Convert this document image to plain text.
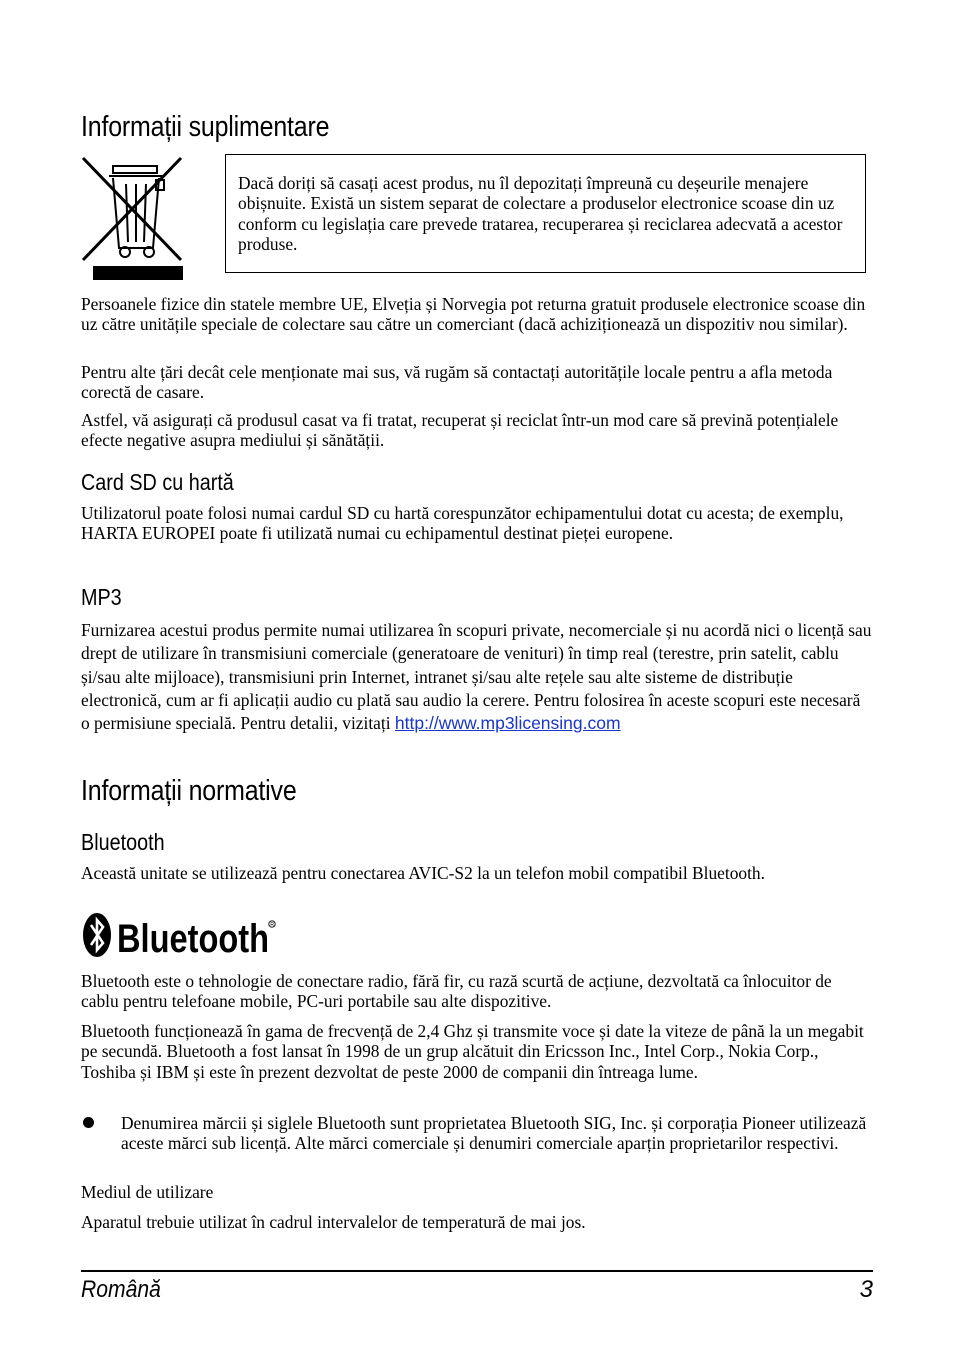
Informații suplimentare

Dacă doriți să casați acest produs, nu îl depozitați împreună cu deșeurile menajere obișnuite. Există un sistem separat de colectare a produselor electronice scoase din uz conform cu legislația care prevede tratarea, recuperarea și reciclarea adecvată a acestor produse.

Persoanele fizice din statele membre UE, Elveția și Norvegia pot returna gratuit produsele electronice scoase din uz către unitățile speciale de colectare sau către un comerciant (dacă achiziționează un dispozitiv nou similar).

Pentru alte țări decât cele menționate mai sus, vă rugăm să contactați autoritățile locale pentru a afla metoda corectă de casare.

Astfel, vă asigurați că produsul casat va fi tratat, recuperat și reciclat într-un mod care să prevină potențialele efecte negative asupra mediului și sănătății.

Card SD cu hartă

Utilizatorul poate folosi numai cardul SD cu hartă corespunzător echipamentului dotat cu acesta; de exemplu, HARTA EUROPEI poate fi utilizată numai cu echipamentul destinat pieței europene.

MP3

Furnizarea acestui produs permite numai utilizarea în scopuri private, necomerciale și nu acordă nici o licență sau drept de utilizare în transmisiuni comerciale (generatoare de venituri) în timp real (terestre, prin satelit, cablu și/sau alte mijloace), transmisiuni prin Internet, intranet și/sau alte rețele sau alte sisteme de distribuție electronică, cum ar fi aplicații audio cu plată sau audio la cerere. Pentru folosirea în aceste scopuri este necesară o permisiune specială. Pentru detalii, vizitați http://www.mp3licensing.com

Informații normative
Bluetooth

Această unitate se utilizează pentru conectarea AVIC-S2 la un telefon mobil compatibil Bluetooth.

Bluetooth R

Bluetooth este o tehnologie de conectare radio, fără fir, cu rază scurtă de acțiune, dezvoltată ca înlocuitor de cablu pentru telefoane mobile, PC-uri portabile sau alte dispozitive.

Bluetooth funcționează în gama de frecvență de 2,4 Ghz și transmite voce și date la viteze de până la un megabit pe secundă. Bluetooth a fost lansat în 1998 de un grup alcătuit din Ericsson Inc., Intel Corp., Nokia Corp., Toshiba și IBM și este în prezent dezvoltat de peste 2000 de companii din întreaga lume.

Denumirea mărcii și siglele Bluetooth sunt proprietatea Bluetooth SIG, Inc. și corporația Pioneer utilizează aceste mărci sub licență. Alte mărci comerciale și denumiri comerciale aparțin proprietarilor respectivi.

Mediul de utilizare

Aparatul trebuie utilizat în cadrul intervalelor de temperatură de mai jos.

Română	3
